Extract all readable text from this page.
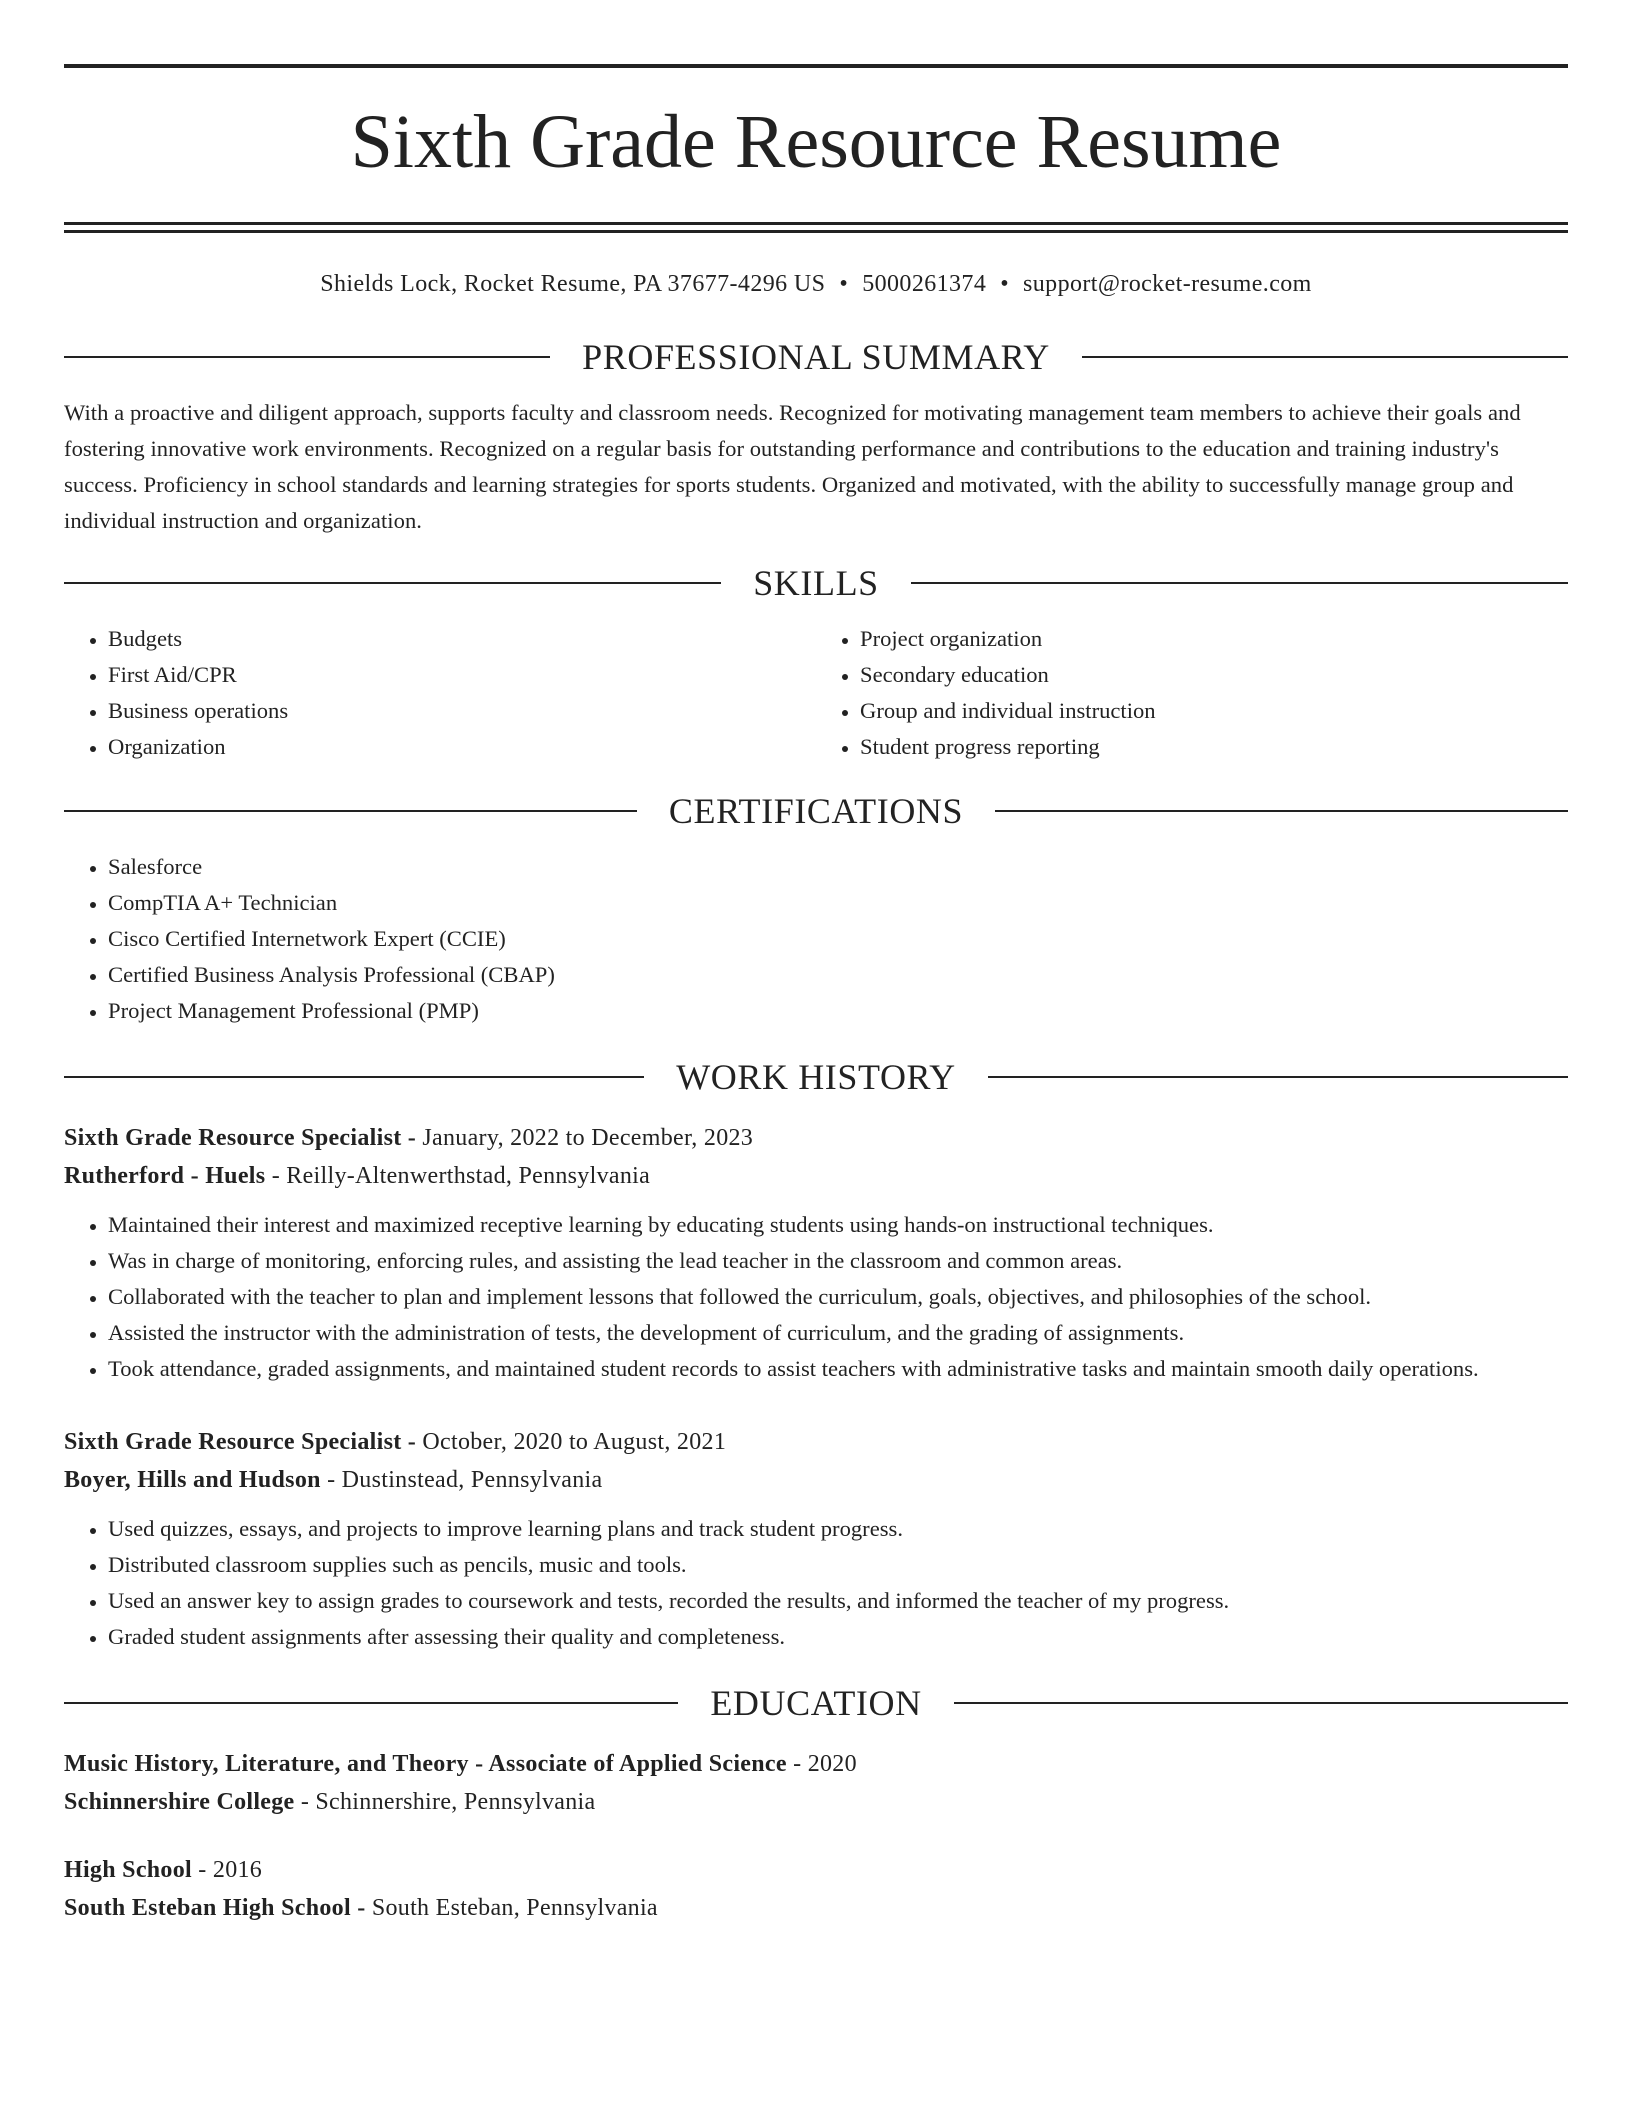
Sixth Grade Resource Resume
Shields Lock, Rocket Resume, PA 37677-4296 US • 5000261374 • support@rocket-resume.com
PROFESSIONAL SUMMARY
With a proactive and diligent approach, supports faculty and classroom needs. Recognized for motivating management team members to achieve their goals and fostering innovative work environments. Recognized on a regular basis for outstanding performance and contributions to the education and training industry's success. Proficiency in school standards and learning strategies for sports students. Organized and motivated, with the ability to successfully manage group and individual instruction and organization.
SKILLS
• Budgets
• First Aid/CPR
• Business operations
• Organization
• Project organization
• Secondary education
• Group and individual instruction
• Student progress reporting
CERTIFICATIONS
• Salesforce
• CompTIA A+ Technician
• Cisco Certified Internetwork Expert (CCIE)
• Certified Business Analysis Professional (CBAP)
• Project Management Professional (PMP)
WORK HISTORY
Sixth Grade Resource Specialist - January, 2022 to December, 2023
Rutherford - Huels - Reilly-Altenwerthstad, Pennsylvania
• Maintained their interest and maximized receptive learning by educating students using hands-on instructional techniques.
• Was in charge of monitoring, enforcing rules, and assisting the lead teacher in the classroom and common areas.
• Collaborated with the teacher to plan and implement lessons that followed the curriculum, goals, objectives, and philosophies of the school.
• Assisted the instructor with the administration of tests, the development of curriculum, and the grading of assignments.
• Took attendance, graded assignments, and maintained student records to assist teachers with administrative tasks and maintain smooth daily operations.
Sixth Grade Resource Specialist - October, 2020 to August, 2021
Boyer, Hills and Hudson - Dustinstead, Pennsylvania
• Used quizzes, essays, and projects to improve learning plans and track student progress.
• Distributed classroom supplies such as pencils, music and tools.
• Used an answer key to assign grades to coursework and tests, recorded the results, and informed the teacher of my progress.
• Graded student assignments after assessing their quality and completeness.
EDUCATION
Music History, Literature, and Theory - Associate of Applied Science - 2020
Schinnershire College - Schinnershire, Pennsylvania
High School - 2016
South Esteban High School - South Esteban, Pennsylvania
